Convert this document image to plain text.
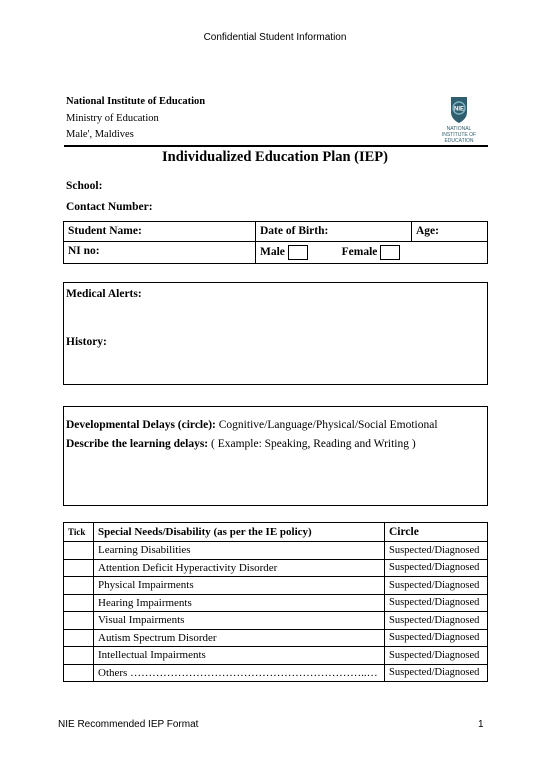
Confidential Student Information
National Institute of Education
Ministry of Education
Male', Maldives
NIE
NATIONAL
INSTITUTE OF
EDUCATION
Individualized Education Plan (IEP)
School:
Contact Number:
Student Name:	Date of Birth:	Age:
NI no:	Male Female	
Medical Alerts:
History:
Developmental Delays (circle): Cognitive/Language/Physical/Social Emotional
Describe the learning delays: ( Example: Speaking, Reading and Writing )
Tick	Special Needs/Disability (as per the IE policy)	Circle
	Learning Disabilities	Suspected/Diagnosed
	Attention Deficit Hyperactivity Disorder	Suspected/Diagnosed
	Physical Impairments	Suspected/Diagnosed
	Hearing Impairments	Suspected/Diagnosed
	Visual Impairments	Suspected/Diagnosed
	Autism Spectrum Disorder	Suspected/Diagnosed
	Intellectual Impairments	Suspected/Diagnosed
	Others ………………………………………………………..…	Suspected/Diagnosed
NIE Recommended IEP Format	1
